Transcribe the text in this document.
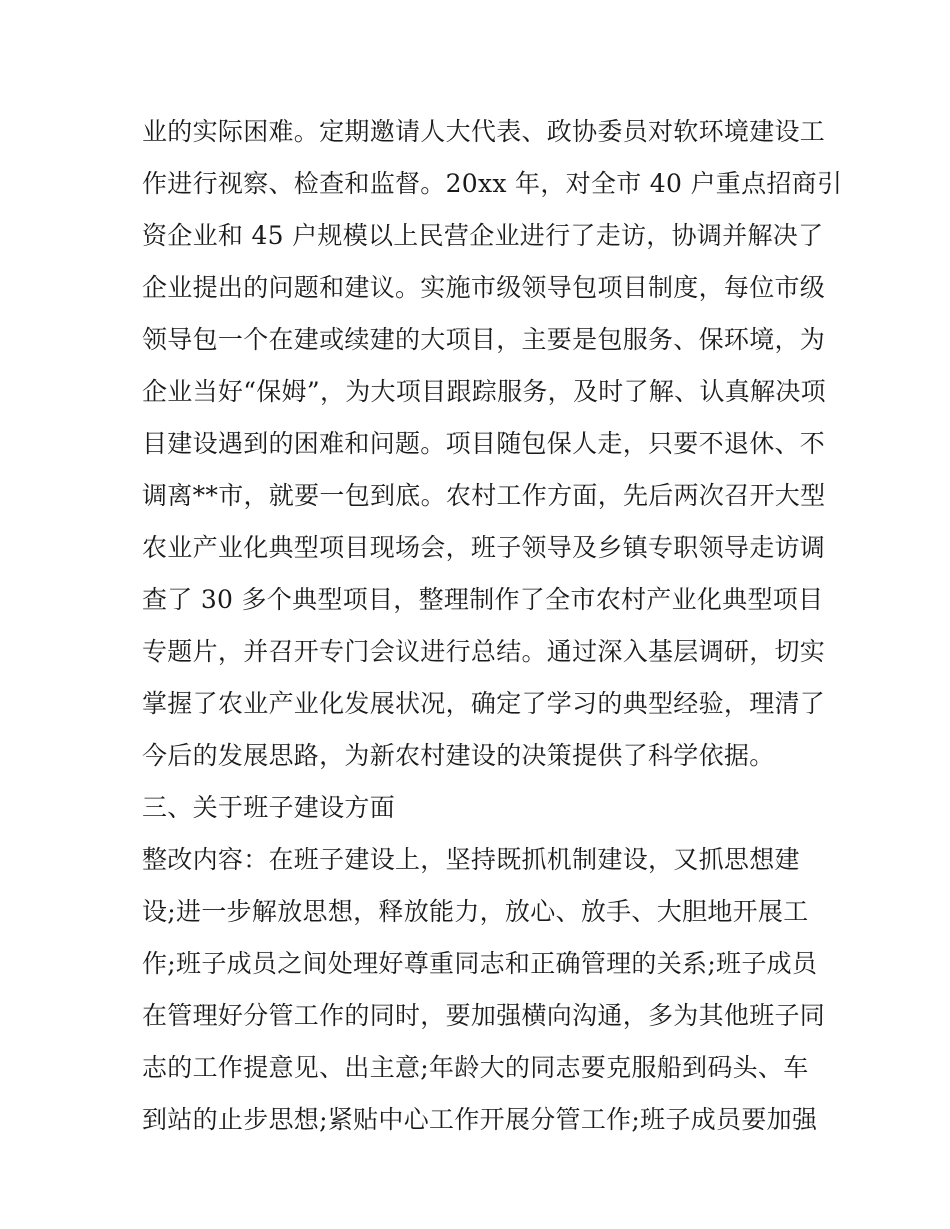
业的实际困难。定期邀请人大代表、政协委员对软环境建设工
作进行视察、检查和监督。20xx 年，对全市 40 户重点招商引
资企业和 45 户规模以上民营企业进行了走访，协调并解决了
企业提出的问题和建议。实施市级领导包项目制度，每位市级
领导包一个在建或续建的大项目，主要是包服务、保环境，为
企业当好“保姆”，为大项目跟踪服务，及时了解、认真解决项
目建设遇到的困难和问题。项目随包保人走，只要不退休、不
调离**市，就要一包到底。农村工作方面，先后两次召开大型
农业产业化典型项目现场会，班子领导及乡镇专职领导走访调
查了 30 多个典型项目，整理制作了全市农村产业化典型项目
专题片，并召开专门会议进行总结。通过深入基层调研，切实
掌握了农业产业化发展状况，确定了学习的典型经验，理清了
今后的发展思路，为新农村建设的决策提供了科学依据。
三、关于班子建设方面
整改内容：在班子建设上，坚持既抓机制建设，又抓思想建
设;进一步解放思想，释放能力，放心、放手、大胆地开展工
作;班子成员之间处理好尊重同志和正确管理的关系;班子成员
在管理好分管工作的同时，要加强横向沟通，多为其他班子同
志的工作提意见、出主意;年龄大的同志要克服船到码头、车
到站的止步思想;紧贴中心工作开展分管工作;班子成员要加强
